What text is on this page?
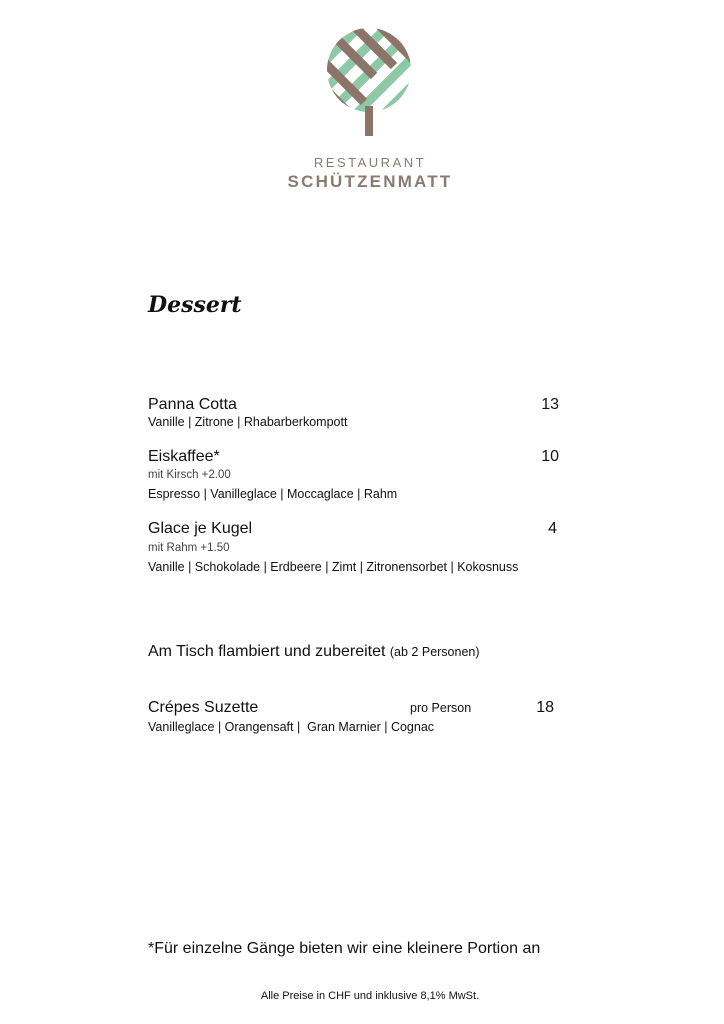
RESTAURANT
SCHÜTZENMATT
Dessert
Panna Cotta	13
Vanille | Zitrone | Rhabarberkompott
Eiskaffee*	10
mit Kirsch +2.00
Espresso | Vanilleglace | Moccaglace | Rahm
Glace je Kugel	4
mit Rahm +1.50
Vanille | Schokolade | Erdbeere | Zimt | Zitronensorbet | Kokosnuss
Am Tisch flambiert und zubereitet (ab 2 Personen)
Crépes Suzette	pro Person	18
Vanilleglace | Orangensaft |  Gran Marnier | Cognac
*Für einzelne Gänge bieten wir eine kleinere Portion an
Alle Preise in CHF und inklusive 8,1% MwSt.
